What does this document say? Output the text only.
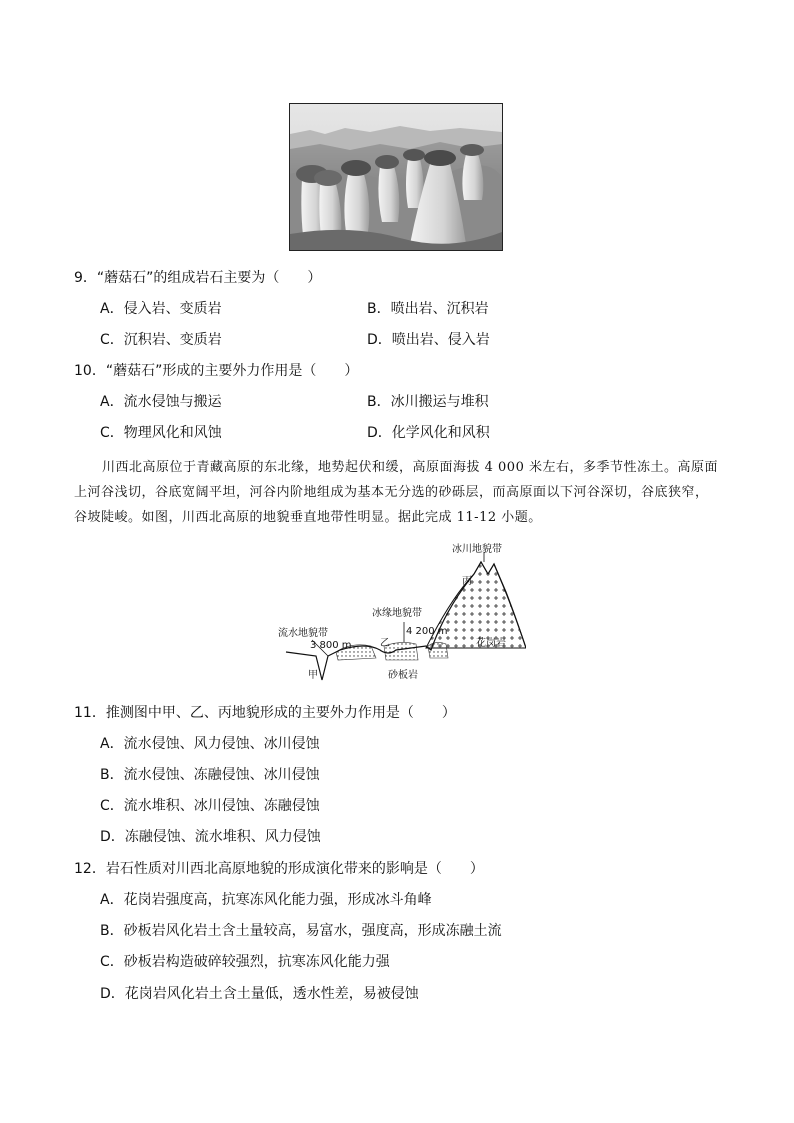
9．“蘑菇石”的组成岩石主要为（　　）
A．侵入岩、变质岩	B．喷出岩、沉积岩
C．沉积岩、变质岩	D．喷出岩、侵入岩
10．“蘑菇石”形成的主要外力作用是（　　）
A．流水侵蚀与搬运	B．冰川搬运与堆积
C．物理风化和风蚀	D．化学风化和风积
川西北高原位于青藏高原的东北缘，地势起伏和缓，高原面海拔 4 000 米左右，多季节性冻土。高原面
上河谷浅切，谷底宽阔平坦，河谷内阶地组成为基本无分选的砂砾层，而高原面以下河谷深切，谷底狭窄，
谷坡陡峻。如图，川西北高原的地貌垂直地带性明显。据此完成 11-12 小题。
冰川地貌带
丙
冰缘地貌带
4 200 m
流水地貌带
3 800 m	乙	花岗岩
甲	砂板岩
11．推测图中甲、乙、丙地貌形成的主要外力作用是（　　）
A．流水侵蚀、风力侵蚀、冰川侵蚀
B．流水侵蚀、冻融侵蚀、冰川侵蚀
C．流水堆积、冰川侵蚀、冻融侵蚀
D．冻融侵蚀、流水堆积、风力侵蚀
12．岩石性质对川西北高原地貌的形成演化带来的影响是（　　）
A．花岗岩强度高，抗寒冻风化能力强，形成冰斗角峰
B．砂板岩风化岩土含土量较高，易富水，强度高，形成冻融土流
C．砂板岩构造破碎较强烈，抗寒冻风化能力强
D．花岗岩风化岩土含土量低，透水性差，易被侵蚀
